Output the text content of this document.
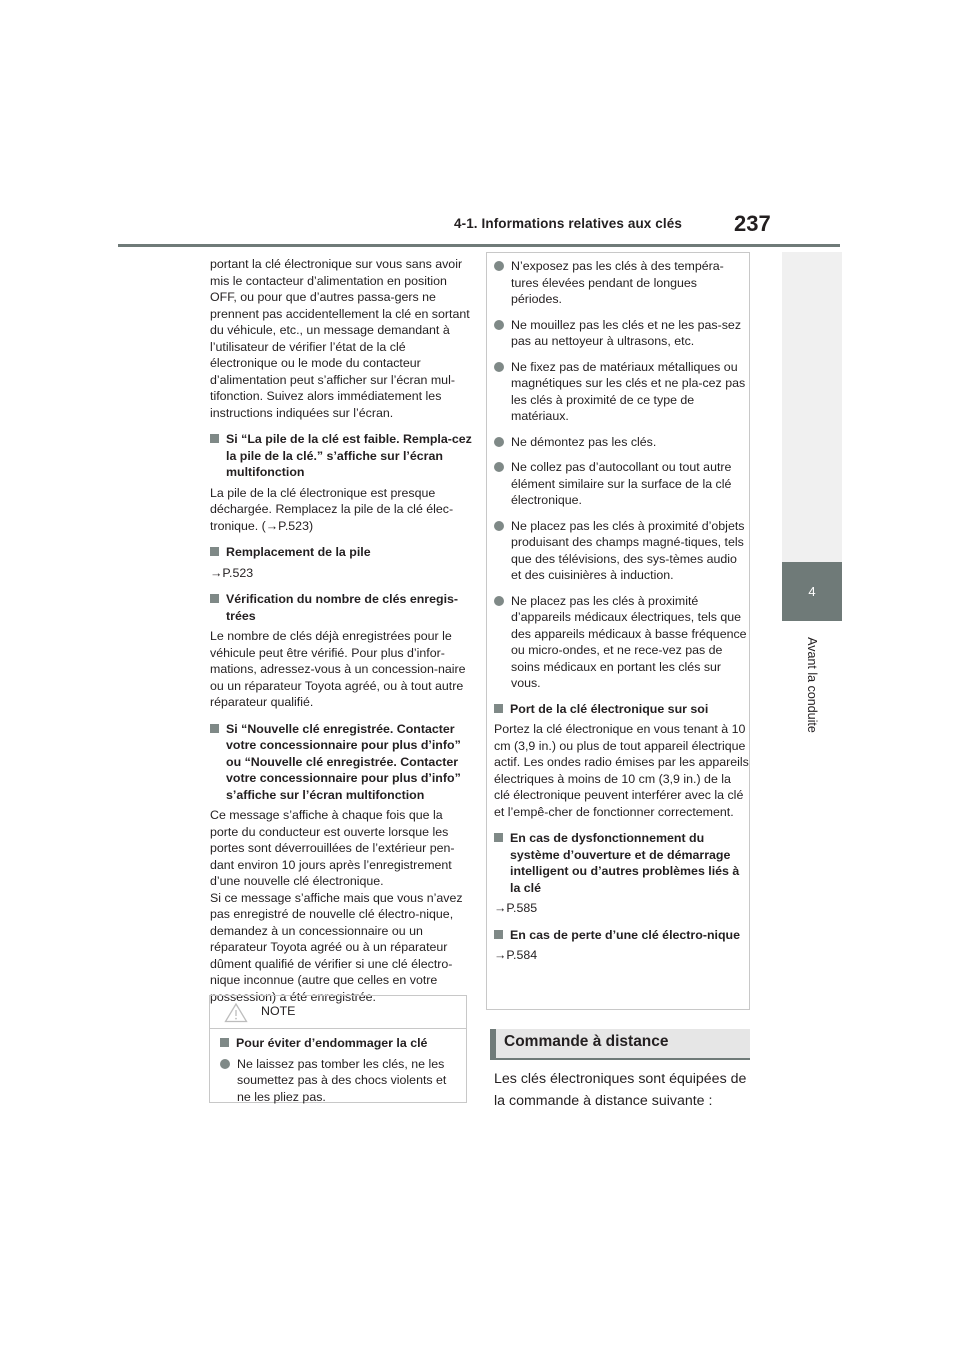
4-1. Informations relatives aux clés 237
4
Avant la conduite

portant la clé électronique sur vous sans avoir mis le contacteur d’alimentation en position OFF, ou pour que d’autres passa-gers ne prennent pas accidentellement la clé en sortant du véhicule, etc., un message demandant à l’utilisateur de vérifier l’état de la clé électronique ou le mode du contacteur d’alimentation peut s’afficher sur l’écran mul-tifonction. Suivez alors immédiatement les instructions indiquées sur l’écran.

Si “La pile de la clé est faible. Rempla-cez la pile de la clé.” s’affiche sur l’écran multifonction

La pile de la clé électronique est presque déchargée. Remplacez la pile de la clé élec-tronique. (→P.523)

Remplacement de la pile

→P.523

Vérification du nombre de clés enregis-trées

Le nombre de clés déjà enregistrées pour le véhicule peut être vérifié. Pour plus d’infor-mations, adressez-vous à un concession-naire ou un réparateur Toyota agréé, ou à tout autre réparateur qualifié.

Si “Nouvelle clé enregistrée. Contacter votre concessionnaire pour plus d’info” ou “Nouvelle clé enregistrée. Contacter votre concessionnaire pour plus d’info” s’affiche sur l’écran multifonction

Ce message s’affiche à chaque fois que la porte du conducteur est ouverte lorsque les portes sont déverrouillées de l’extérieur pen-dant environ 10 jours après l’enregistrement d’une nouvelle clé électronique.
Si ce message s’affiche mais que vous n’avez pas enregistré de nouvelle clé électro-nique, demandez à un concessionnaire ou un réparateur Toyota agréé ou à un réparateur dûment qualifié de vérifier si une clé électro-nique inconnue (autre que celles en votre possession) a été enregistrée.

NOTE
Pour éviter d’endommager la clé

Ne laissez pas tomber les clés, ne les soumettez pas à des chocs violents et ne les pliez pas.

N’exposez pas les clés à des tempéra-tures élevées pendant de longues périodes.

Ne mouillez pas les clés et ne les pas-sez pas au nettoyeur à ultrasons, etc.

Ne fixez pas de matériaux métalliques ou magnétiques sur les clés et ne pla-cez pas les clés à proximité de ce type de matériaux.

Ne démontez pas les clés.

Ne collez pas d’autocollant ou tout autre élément similaire sur la surface de la clé électronique.

Ne placez pas les clés à proximité d’objets produisant des champs magné-tiques, tels que des télévisions, des sys-tèmes audio et des cuisinières à induction.

Ne placez pas les clés à proximité d’appareils médicaux électriques, tels que des appareils médicaux à basse fréquence ou micro-ondes, et ne rece-vez pas de soins médicaux en portant les clés sur vous.

Port de la clé électronique sur soi

Portez la clé électronique en vous tenant à 10 cm (3,9 in.) ou plus de tout appareil électrique actif. Les ondes radio émises par les appareils électriques à moins de 10 cm (3,9 in.) de la clé électronique peuvent interférer avec la clé et l’empê-cher de fonctionner correctement.

En cas de dysfonctionnement du système d’ouverture et de démarrage intelligent ou d’autres problèmes liés à la clé

→P.585

En cas de perte d’une clé électro-nique

→P.584

Commande à distance

Les clés électroniques sont équipées de la commande à distance suivante :
